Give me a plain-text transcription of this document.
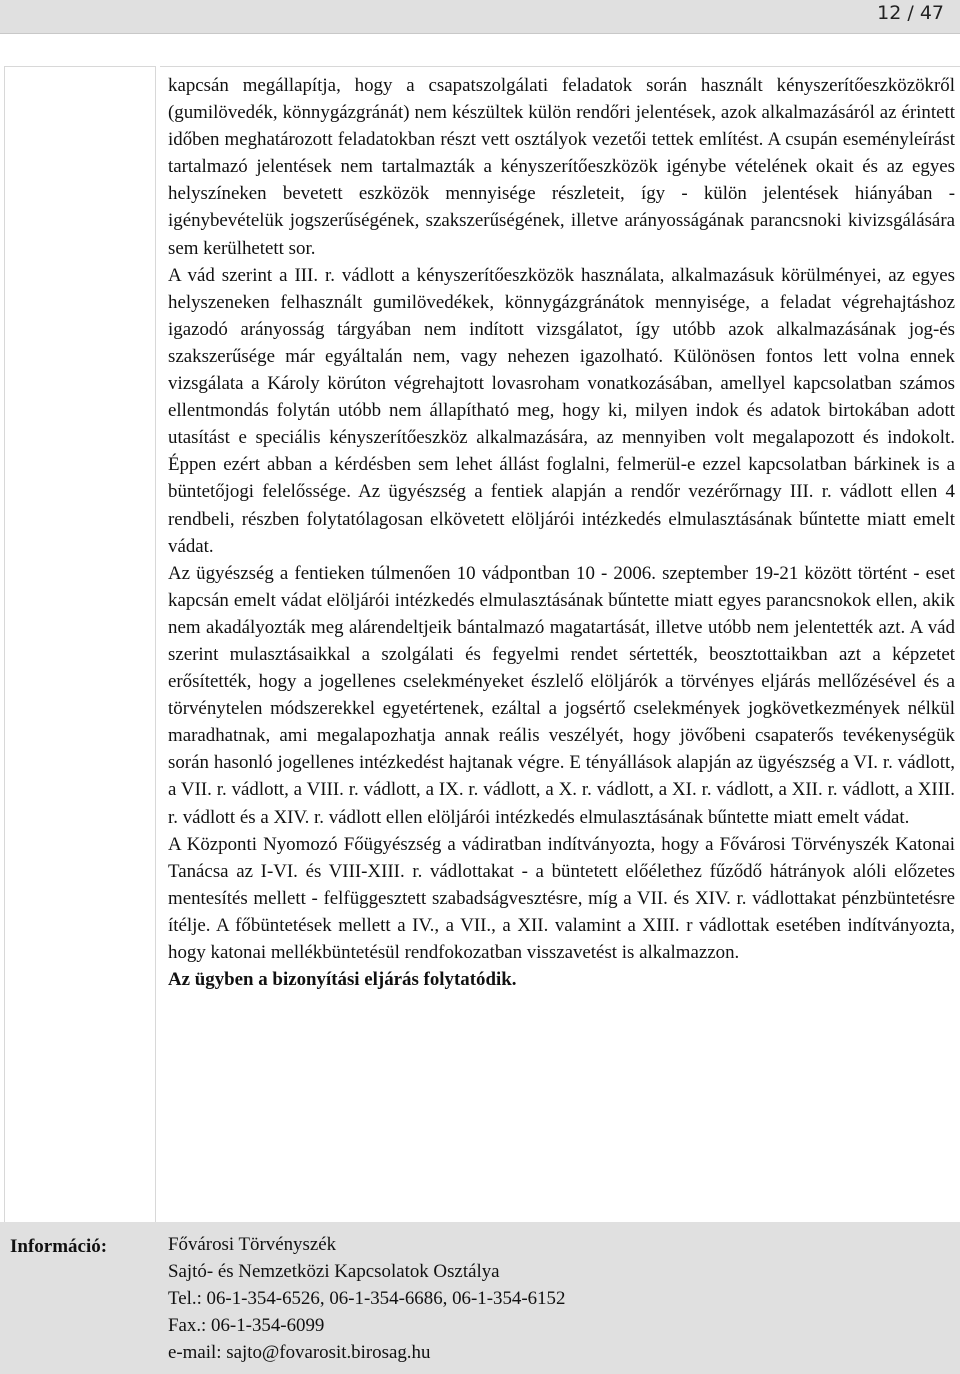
12 / 47

kapcsán megállapítja, hogy a csapatszolgálati feladatok során használt kényszerítőeszközökről (gumilövedék, könnygázgránát) nem készültek külön rendőri jelentések, azok alkalmazásáról az érintett időben meghatározott feladatokban részt vett osztályok vezetői tettek említést. A csupán eseményleírást tartalmazó jelentések nem tartalmazták a kényszerítőeszközök igénybe vételének okait és az egyes helyszíneken bevetett eszközök mennyisége részleteit, így - külön jelentések hiányában - igénybevételük jogszerűségének, szakszerűségének, illetve arányosságának parancsnoki kivizsgálására sem kerülhetett sor.

A vád szerint a III. r. vádlott a kényszerítőeszközök használata, alkalmazásuk körülményei, az egyes helyszeneken felhasznált gumilövedékek, könnygázgránátok mennyisége, a feladat végrehajtáshoz igazodó arányosság tárgyában nem indított vizsgálatot, így utóbb azok alkalmazásának jog-és szakszerűsége már egyáltalán nem, vagy nehezen igazolható. Különösen fontos lett volna ennek vizsgálata a Károly körúton végrehajtott lovasroham vonatkozásában, amellyel kapcsolatban számos ellentmondás folytán utóbb nem állapítható meg, hogy ki, milyen indok és adatok birtokában adott utasítást e speciális kényszerítőeszköz alkalmazására, az mennyiben volt megalapozott és indokolt. Éppen ezért abban a kérdésben sem lehet állást foglalni, felmerül-e ezzel kapcsolatban bárkinek is a büntetőjogi felelőssége. Az ügyészség a fentiek alapján a rendőr vezérőrnagy III. r. vádlott ellen 4 rendbeli, részben folytatólagosan elkövetett elöljárói intézkedés elmulasztásának bűntette miatt emelt vádat.

Az ügyészség a fentieken túlmenően 10 vádpontban 10 - 2006. szeptember 19-21 között történt - eset kapcsán emelt vádat elöljárói intézkedés elmulasztásának bűntette miatt egyes parancsnokok ellen, akik nem akadályozták meg alárendeltjeik bántalmazó magatartását, illetve utóbb nem jelentették azt. A vád szerint mulasztásaikkal a szolgálati és fegyelmi rendet sértették, beosztottaikban azt a képzetet erősítették, hogy a jogellenes cselekményeket észlelő elöljárók a törvényes eljárás mellőzésével és a törvénytelen módszerekkel egyetértenek, ezáltal a jogsértő cselekmények jogkövetkezmények nélkül maradhatnak, ami megalapozhatja annak reális veszélyét, hogy jövőbeni csapaterős tevékenységük során hasonló jogellenes intézkedést hajtanak végre. E tényállások alapján az ügyészség a VI. r. vádlott, a VII. r. vádlott, a VIII. r. vádlott, a IX. r. vádlott, a X. r. vádlott, a XI. r. vádlott, a XII. r. vádlott, a XIII. r. vádlott és a XIV. r. vádlott ellen elöljárói intézkedés elmulasztásának bűntette miatt emelt vádat.

A Központi Nyomozó Főügyészség a vádiratban indítványozta, hogy a Fővárosi Törvényszék Katonai Tanácsa az I-VI. és VIII-XIII. r. vádlottakat - a büntetett előélethez fűződő hátrányok alóli előzetes mentesítés mellett - felfüggesztett szabadságvesztésre, míg a VII. és XIV. r. vádlottakat pénzbüntetésre ítélje. A főbüntetések mellett a IV., a VII., a XII. valamint a XIII. r vádlottak esetében indítványozta, hogy katonai mellékbüntetésül rendfokozatban visszavetést is alkalmazzon.

Az ügyben a bizonyítási eljárás folytatódik.

Információ:	Fővárosi Törvényszék
Sajtó- és Nemzetközi Kapcsolatok Osztálya
Tel.: 06-1-354-6526, 06-1-354-6686, 06-1-354-6152
Fax.: 06-1-354-6099
e-mail: sajto@fovarosit.birosag.hu
